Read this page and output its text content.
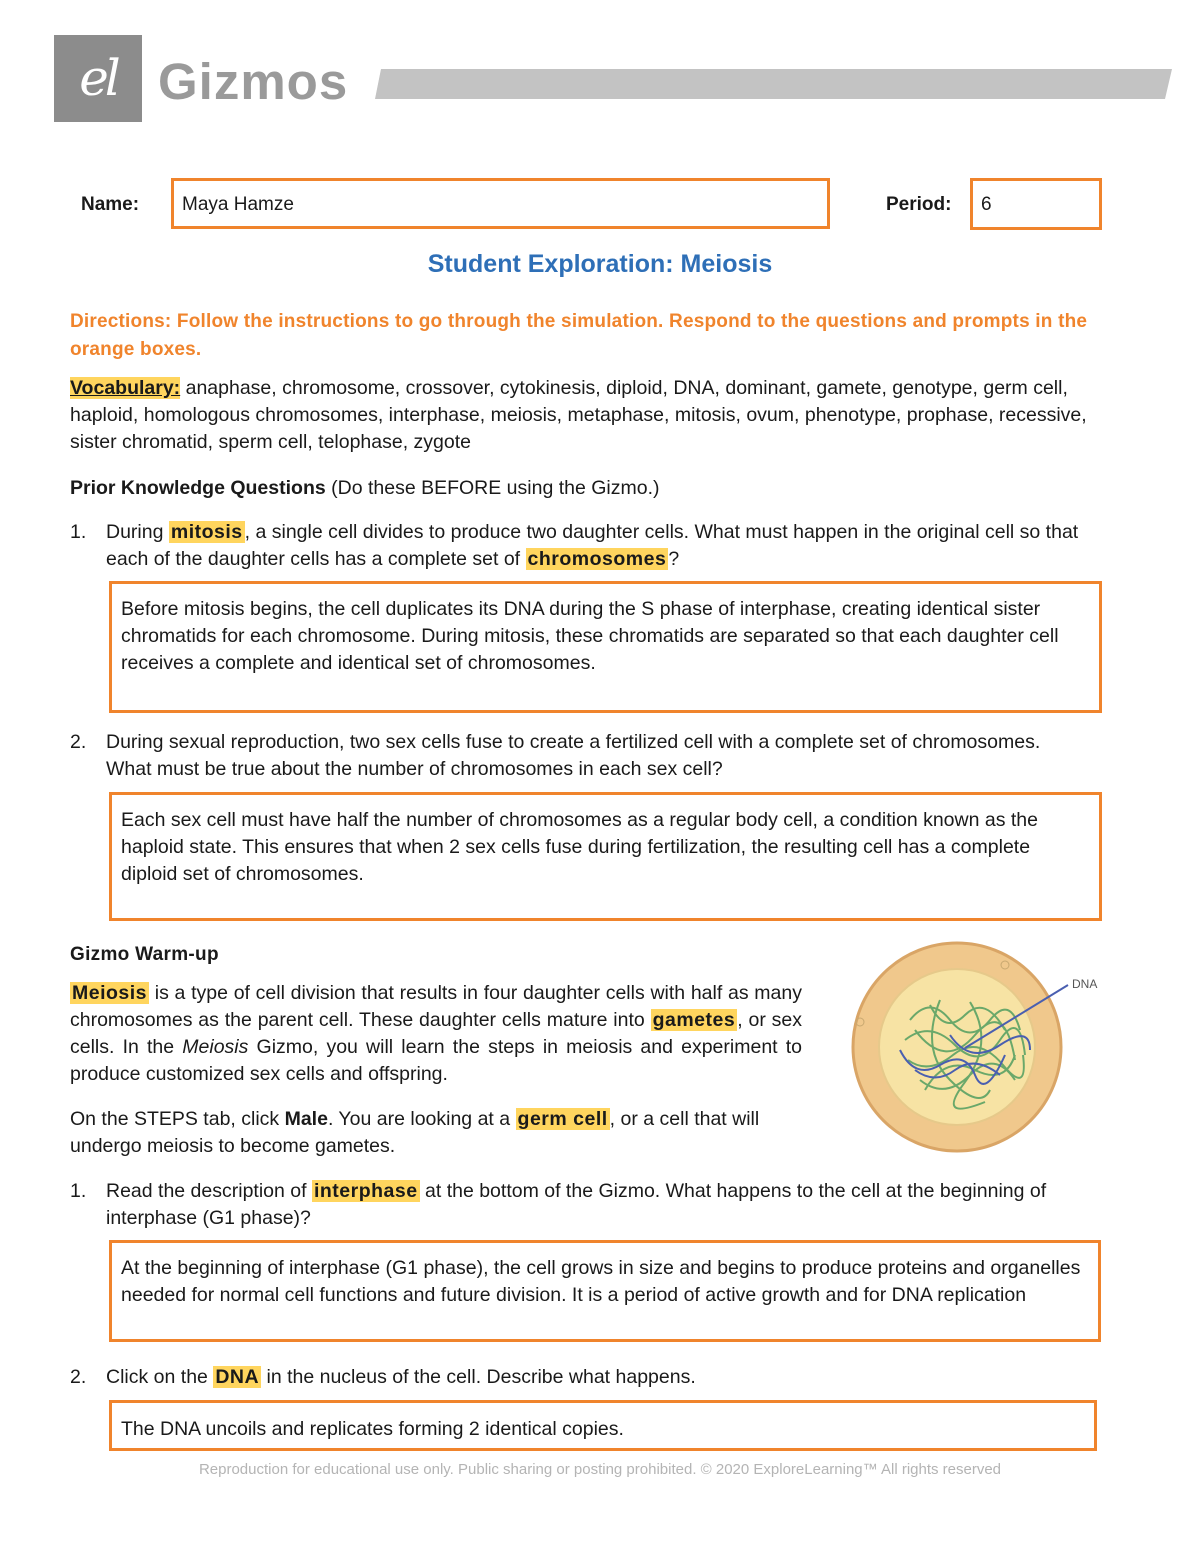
el Gizmos
Name:	Maya Hamze	Period:	6
Student Exploration: Meiosis
Directions: Follow the instructions to go through the simulation. Respond to the questions and prompts in the orange boxes.
Vocabulary: anaphase, chromosome, crossover, cytokinesis, diploid, DNA, dominant, gamete, genotype, germ cell, haploid, homologous chromosomes, interphase, meiosis, metaphase, mitosis, ovum, phenotype, prophase, recessive, sister chromatid, sperm cell, telophase, zygote
Prior Knowledge Questions (Do these BEFORE using the Gizmo.)
1. During mitosis , a single cell divides to produce two daughter cells. What must happen in the original cell so that each of the daughter cells has a complete set of chromosomes ?
Before mitosis begins, the cell duplicates its DNA during the S phase of interphase, creating identical sister chromatids for each chromosome. During mitosis, these chromatids are separated so that each daughter cell receives a complete and identical set of chromosomes.
2. During sexual reproduction, two sex cells fuse to create a fertilized cell with a complete set of chromosomes. What must be true about the number of chromosomes in each sex cell?
Each sex cell must have half the number of chromosomes as a regular body cell, a condition known as the haploid state. This ensures that when 2 sex cells fuse during fertilization, the resulting cell has a complete diploid set of chromosomes.
Gizmo Warm-up
Meiosis is a type of cell division that results in four daughter cells with half as many chromosomes as the parent cell. These daughter cells mature into gametes , or sex cells. In the Meiosis Gizmo, you will learn the steps in meiosis and experiment to produce customized sex cells and offspring.
On the STEPS tab, click Male. You are looking at a germ cell , or a cell that will undergo meiosis to become gametes.
DNA
1. Read the description of interphase at the bottom of the Gizmo. What happens to the cell at the beginning of interphase (G1 phase)?
At the beginning of interphase (G1 phase), the cell grows in size and begins to produce proteins and organelles needed for normal cell functions and future division. It is a period of active growth and for DNA replication
2. Click on the DNA in the nucleus of the cell. Describe what happens.
The DNA uncoils and replicates forming 2 identical copies.
Reproduction for educational use only. Public sharing or posting prohibited. © 2020 ExploreLearning™ All rights reserved
